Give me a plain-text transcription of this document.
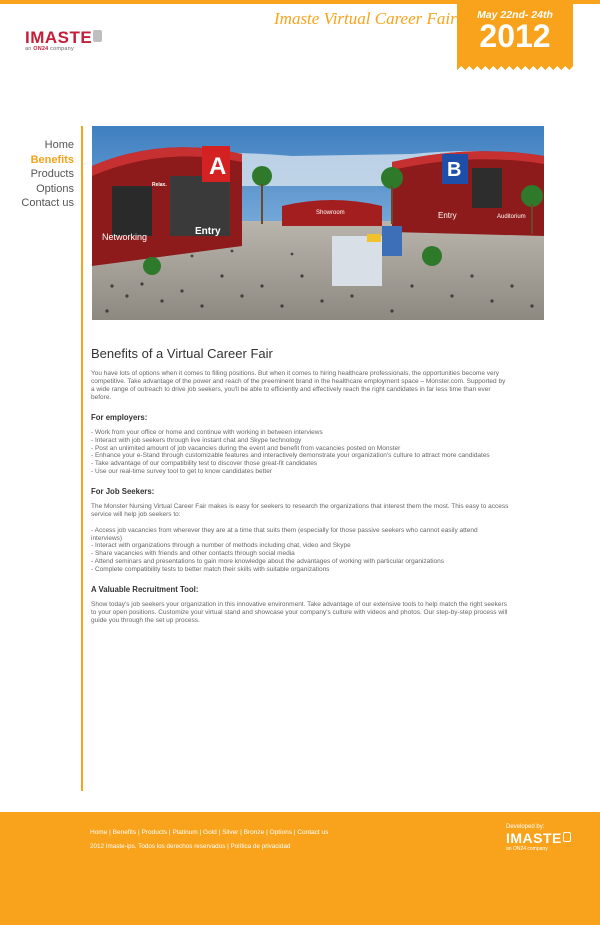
IMASTE
an ON24 company
Imaste Virtual Career Fair	May 22nd- 24th
2012
Home
Benefits
Products
Options
Contact us
A
Networking	Entry
Relax.
Showroom
B
Entry	Auditorium
Benefits of a Virtual Career Fair

You have lots of options when it comes to filling positions. But when it comes to hiring healthcare professionals, the opportunities become very competitive. Take advantage of the power and reach of the preeminent brand in the healthcare employment space – Monster.com. Supported by a wide range of outreach to drive job seekers, you'll be able to efficiently and effectively reach the right candidates in far less time than ever before.

For employers:
- Work from your office or home and continue with working in between interviews
- Interact with job seekers through live instant chat and Skype technology
- Post an unlimited amount of job vacancies during the event and benefit from vacancies posted on Monster
- Enhance your e-Stand through customizable features and interactively demonstrate your organization's culture to attract more candidates
- Take advantage of our compatibility test to discover those great-fit candidates
- Use our real-time survey tool to get to know candidates better
For Job Seekers:

The Monster Nursing Virtual Career Fair makes is easy for seekers to research the organizations that interest them the most. This easy to access service will help job seekers to:

- Access job vacancies from wherever they are at a time that suits them (especially for those passive seekers who cannot easily attend interviews)
- Interact with organizations through a number of methods including chat, video and Skype
- Share vacancies with friends and other contacts through social media
- Attend seminars and presentations to gain more knowledge about the advantages of working with particular organizations
- Complete compatibility tests to better match their skills with suitable organizations
A Valuable Recruitment Tool:

Show today's job seekers your organization in this innovative environment. Take advantage of our extensive tools to help match the right seekers to your open positions. Customize your virtual stand and showcase your company's culture with videos and photos. Our step-by-step process will guide you through the set up process.

Home | Benefits | Products | Platinum | Gold | Silver | Bronze | Options | Contact us
2012 Imaste-ips. Todos los derechos reservados | Política de privacidad
Developed by:
IMASTE
an ON24 company
